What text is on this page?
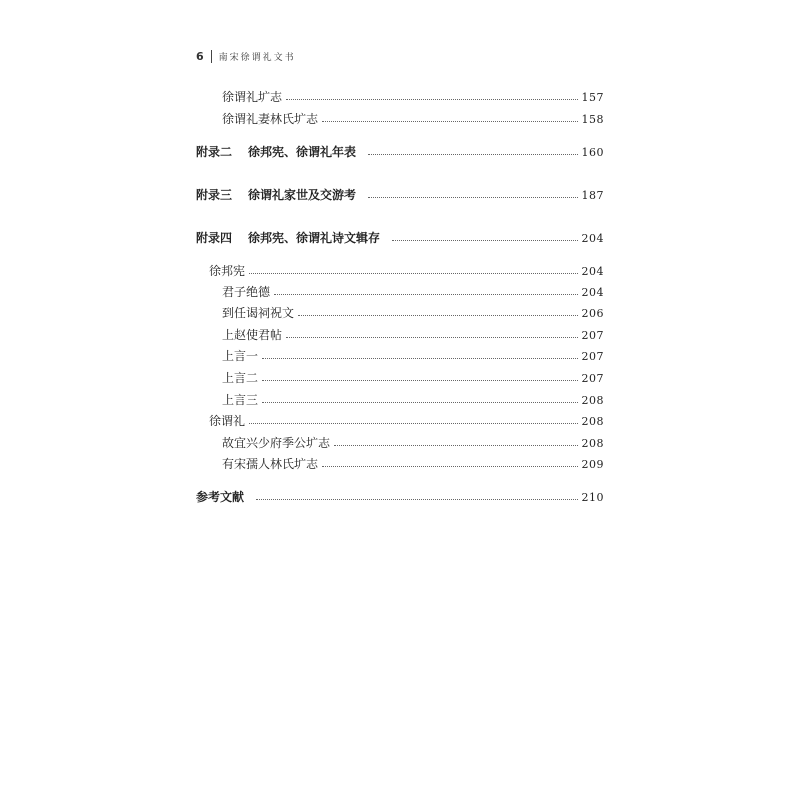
6 南宋徐谓礼文书
徐谓礼圹志	157
徐谓礼妻林氏圹志	158
附录二 徐邦宪、徐谓礼年表	160
附录三 徐谓礼家世及交游考	187
附录四 徐邦宪、徐谓礼诗文辑存	204
徐邦宪	204
君子绝德	204
到任谒祠祝文	206
上赵使君帖	207
上言一	207
上言二	207
上言三	208
徐谓礼	208
故宜兴少府季公圹志	208
有宋孺人林氏圹志	209
参考文献	210
